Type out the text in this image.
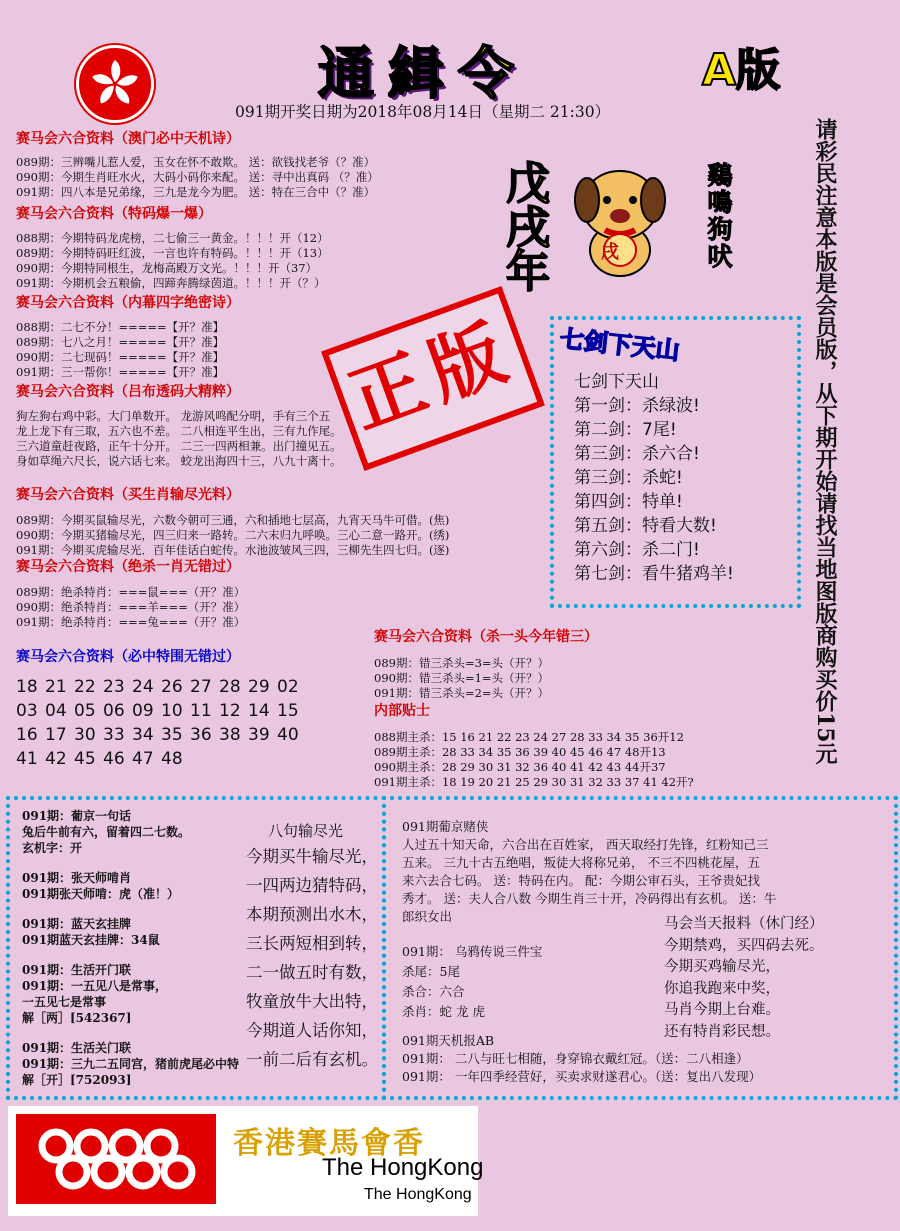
通緝令	A版
091期开奖日期为2018年08月14日（星期二 21:30）
赛马会六合资料（澳门必中天机诗）
089期：三辨嘴儿惹人爱，玉女在怀不敢欺。 送：欲钱找老爷（？准）
090期：今期生肖旺水火，大码小码你来配。 送：寻中出真码 （？准）
091期：四八本是兄弟缘，三九是龙今为肥。 送：特在三合中（？准）
赛马会六合资料（特码爆一爆）
088期：今期特码龙虎榜，二七偷三一黄金。！！！开（12）
089期：今期特码旺红波，一言也许有特码。！！！开（13）
090期：今期特同根生，龙梅高殿万文光。！！！开（37）
091期：今期机会五粮偷，四蹄奔腾绿茵道。！！！开（？）
赛马会六合资料（内幕四字绝密诗）
088期：二七不分！=====【开？准】
089期：七八之月！=====【开？准】
090期：二七现码！=====【开？准】
091期：三一帮你！=====【开？准】
赛马会六合资料（吕布透码大精粹）
狗左狗右鸡中彩。大门单数开。 龙游风鸣配分明，手有三个五
龙上龙下有三取，五六也不差。 二八相连平生出，三有九作尾。
三六道童赶夜路，正午十分开。 二三一四两相兼。出门撞见五。
身如草绳六尺长，说六话七来。 蛟龙出海四十三，八九十离十。
正版
赛马会六合资料（买生肖输尽光料）
089期：今期买鼠输尽光，六数今朝可三通，六和插地七层高，九宵天马牛可借。(焦)
090期：今期买猪输尽光，四三归来一路转。二六末归九呼唤。三心二意一路开。(绣)
091期：今期买虎输尽光．百年佳话白蛇传。水池波皱风三四，三柳先生四七归。(逐)
赛马会六合资料（绝杀一肖无错过）
089期：绝杀特肖：===鼠===（开？准）
090期：绝杀特肖：===羊===（开？准）
091期：绝杀特肖：===兔===（开？准）
赛马会六合资料（必中特围无错过）
18 21 22 23 24 26 27 28 29 02
03 04 05 06 09 10 11 12 14 15
16 17 30 33 34 35 36 38 39 40
41 42 45 46 47 48
戊戌年	戌	鷄鳴狗吠	请彩民注意本版是会员版，从下期开始请找当地图版商购买价15元
七剑下天山
七剑下天山
第一剑：杀绿波!
第二剑：7尾!
第三剑：杀六合!
第三剑：杀蛇!
第四剑：特单!
第五剑：特看大数!
第六剑：杀二门!
第七剑：看牛猪鸡羊!
赛马会六合资料（杀一头今年错三）
089期：错三杀头=3=头（开？）
090期：错三杀头=1=头（开？）
091期：错三杀头=2=头（开？）
内部贴士
088期主杀：15 16 21 22 23 24 27 28 33 34 35 36开12
089期主杀：28 33 34 35 36 39 40 45 46 47 48开13
090期主杀：28 29 30 31 32 36 40 41 42 43 44开37
091期主杀：18 19 20 21 25 29 30 31 32 33 37 41 42开?
091期：葡京一句话
兔后牛前有六，留着四二七数。
玄机字：开
091期：张天师啃肖
091期张天师啃：虎（准！）
091期：蓝天玄挂牌
091期蓝天玄挂牌：34鼠
091期：生活开门联
091期：一五见八是常事，
一五见七是常事
解［两］[542367]
091期：生活关门联
091期：三九二五同宫，猪前虎尾必中特
解［开］[752093]
八句输尽光
今期买牛输尽光，
一四两边猜特码，
本期预测出水木，
三长两短相到转，
二一做五时有数，
牧童放牛大出特，
今期道人话你知，
一前二后有玄机。
091期葡京赌侠
人过五十知天命，六合出在百姓家， 西天取经打先锋，红粉知己三
五来。 三九十古五绝唱，叛徒大将称兄弟， 不三不四桃花屋，五
来六去合七码。 送：特码在内。 配：今期公审石头，王爷贵妃找
秀才。 送：夫人合八数 今期生肖三十开，冷码得出有玄机。 送：牛
郎织女出
091期： 乌鸦传说三件宝
杀尾：5尾
杀合：六合
杀肖：蛇 龙 虎
马会当天报料（休门经）
今期禁鸡，买四码去死。
今期买鸡输尽光，
你追我跑来中奖，
马肖今期上台难。
还有特肖彩民想。
091期天机报AB
091期： 二八与旺七相随，身穿锦衣戴红冠。（送：二八相逢）
091期： 一年四季经营好，买卖求财遂君心。（送：复出八发现）
香港賽馬會香
The HongKong
The HongKong
